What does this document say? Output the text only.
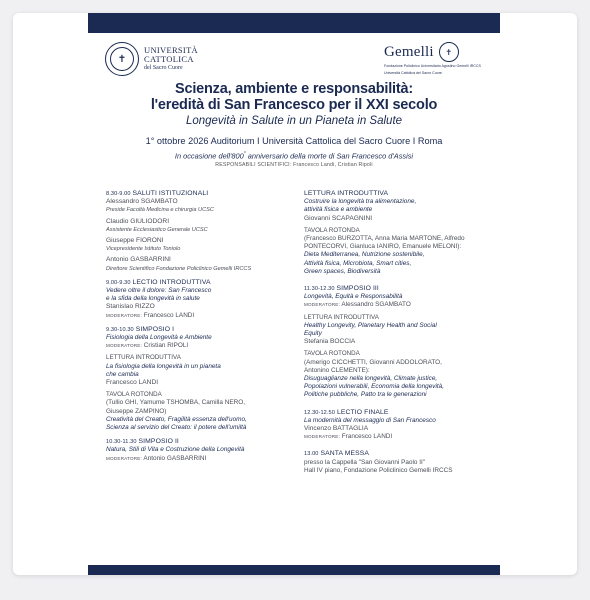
✝
UNIVERSITÀ
CATTOLICA
del Sacro Cuore
Gemelli	✝
Fondazione Policlinico Universitario Agostino Gemelli IRCCS
Università Cattolica del Sacro Cuore
Scienza, ambiente e responsabilità:
l'eredità di San Francesco per il XXI secolo
Longevità in Salute in un Pianeta in Salute
1° ottobre 2026 Auditorium I Università Cattolica del Sacro Cuore I Roma
In occasione dell'800° anniversario della morte di San Francesco d'Assisi
RESPONSABILI SCIENTIFICI: Francesco Landi, Cristian Ripoli
8.30-9.00 SALUTI ISTITUZIONALI
Alessandro SGAMBATO
Preside Facoltà Medicina e chirurgia UCSC
Claudio GIULIODORI
Assistente Ecclesiastico Generale UCSC
Giuseppe FIORONI
Vicepresidente Istituto Toniolo
Antonio GASBARRINI
Direttore Scientifico Fondazione Policlinico Gemelli IRCCS
9.00-9.30 LECTIO INTRODUTTIVA
Vedere oltre il dolore: San Francesco
e la sfida della longevità in salute
Stanislao RIZZO
MODERATORE: Francesco LANDI
9.30-10.30 SIMPOSIO I
Fisiologia della Longevità e Ambiente
MODERATORE: Cristian RIPOLI
LETTURA INTRODUTTIVA
La fisiologia della longevità in un pianeta
che cambia
Francesco LANDI
TAVOLA ROTONDA
(Tullio GHI, Yamume TSHOMBA, Camilla NERO,
Giuseppe ZAMPINO)
Creatività del Creato, Fragilità essenza dell'uomo,
Scienza al servizio del Creato: il potere dell'umiltà
10.30-11.30 SIMPOSIO II
Natura, Stili di Vita e Costruzione della Longevità
MODERATORE: Antonio GASBARRINI
LETTURA INTRODUTTIVA
Costruire la longevità tra alimentazione,
attività fisica e ambiente
Giovanni SCAPAGNINI
TAVOLA ROTONDA
(Francesco BURZOTTA, Anna Maria MARTONE, Alfredo
PONTECORVI, Gianluca IANIRO, Emanuele MELONI):
Dieta Mediterranea, Nutrizione sostenibile,
Attività fisica, Microbiota, Smart cities,
Green spaces, Biodiversità
11.30-12.30 SIMPOSIO III
Longevità, Equità e Responsabilità
MODERATORE: Alessandro SGAMBATO
LETTURA INTRODUTTIVA
Healthy Longevity, Planetary Health and Social
Equity
Stefania BOCCIA
TAVOLA ROTONDA
(Amerigo CICCHETTI, Giovanni ADDOLORATO,
Antonino CLEMENTE):
Disuguaglianze nella longevità, Climate justice,
Popolazioni vulnerabili, Economia della longevità,
Politiche pubbliche, Patto tra le generazioni
12.30-12.50 LECTIO FINALE
La modernità del messaggio di San Francesco
Vincenzo BATTAGLIA
MODERATORE: Francesco LANDI
13.00 SANTA MESSA
presso la Cappella "San Giovanni Paolo II"
Hall IV piano, Fondazione Policlinico Gemelli IRCCS
